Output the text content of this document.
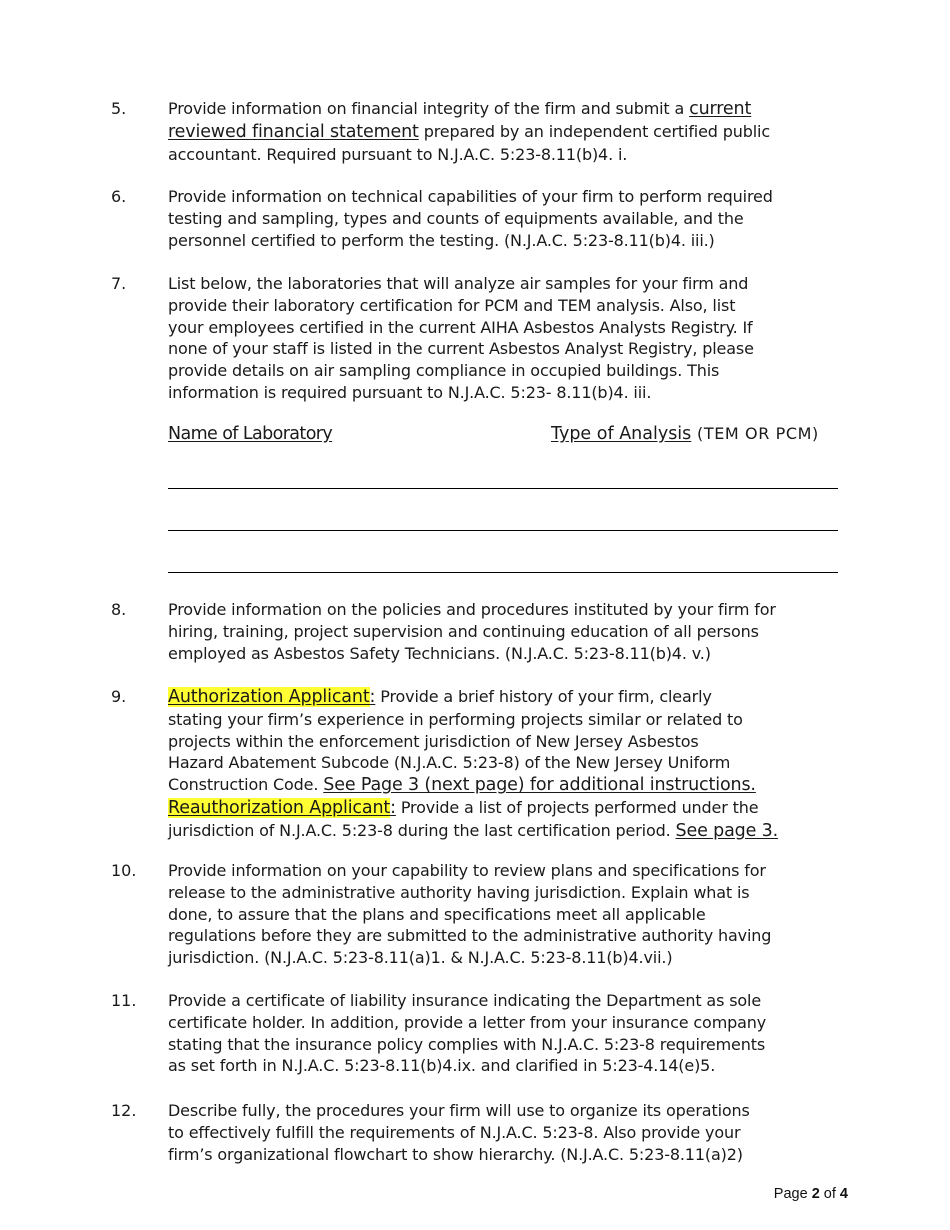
5.	Provide information on financial integrity of the firm and submit a current
reviewed financial statement prepared by an independent certified public
accountant. Required pursuant to N.J.A.C. 5:23-8.11(b)4. i.
6.	Provide information on technical capabilities of your firm to perform required
testing and sampling, types and counts of equipments available, and the
personnel certified to perform the testing. (N.J.A.C. 5:23-8.11(b)4. iii.)
7.	List below, the laboratories that will analyze air samples for your firm and
provide their laboratory certification for PCM and TEM analysis. Also, list
your employees certified in the current AIHA Asbestos Analysts Registry. If
none of your staff is listed in the current Asbestos Analyst Registry, please
provide details on air sampling compliance in occupied buildings. This
information is required pursuant to N.J.A.C. 5:23- 8.11(b)4. iii.
Name of Laboratory	Type of Analysis (TEM OR PCM)
8.	Provide information on the policies and procedures instituted by your firm for
hiring, training, project supervision and continuing education of all persons
employed as Asbestos Safety Technicians. (N.J.A.C. 5:23-8.11(b)4. v.)
9. Authorization Applicant: Provide a brief history of your firm, clearly
stating your firm’s experience in performing projects similar or related to
projects within the enforcement jurisdiction of New Jersey Asbestos
Hazard Abatement Subcode (N.J.A.C. 5:23-8) of the New Jersey Uniform
Construction Code. See Page 3 (next page) for additional instructions.
Reauthorization Applicant: Provide a list of projects performed under the
jurisdiction of N.J.A.C. 5:23-8 during the last certification period. See page 3.
10. Provide information on your capability to review plans and specifications for
release to the administrative authority having jurisdiction. Explain what is
done, to assure that the plans and specifications meet all applicable
regulations before they are submitted to the administrative authority having
jurisdiction. (N.J.A.C. 5:23-8.11(a)1. & N.J.A.C. 5:23-8.11(b)4.vii.)
11. Provide a certificate of liability insurance indicating the Department as sole
certificate holder. In addition, provide a letter from your insurance company
stating that the insurance policy complies with N.J.A.C. 5:23-8 requirements
as set forth in N.J.A.C. 5:23-8.11(b)4.ix. and clarified in 5:23-4.14(e)5.
12. Describe fully, the procedures your firm will use to organize its operations
to effectively fulfill the requirements of N.J.A.C. 5:23-8. Also provide your
firm’s organizational flowchart to show hierarchy. (N.J.A.C. 5:23-8.11(a)2)
Page 2 of 4
